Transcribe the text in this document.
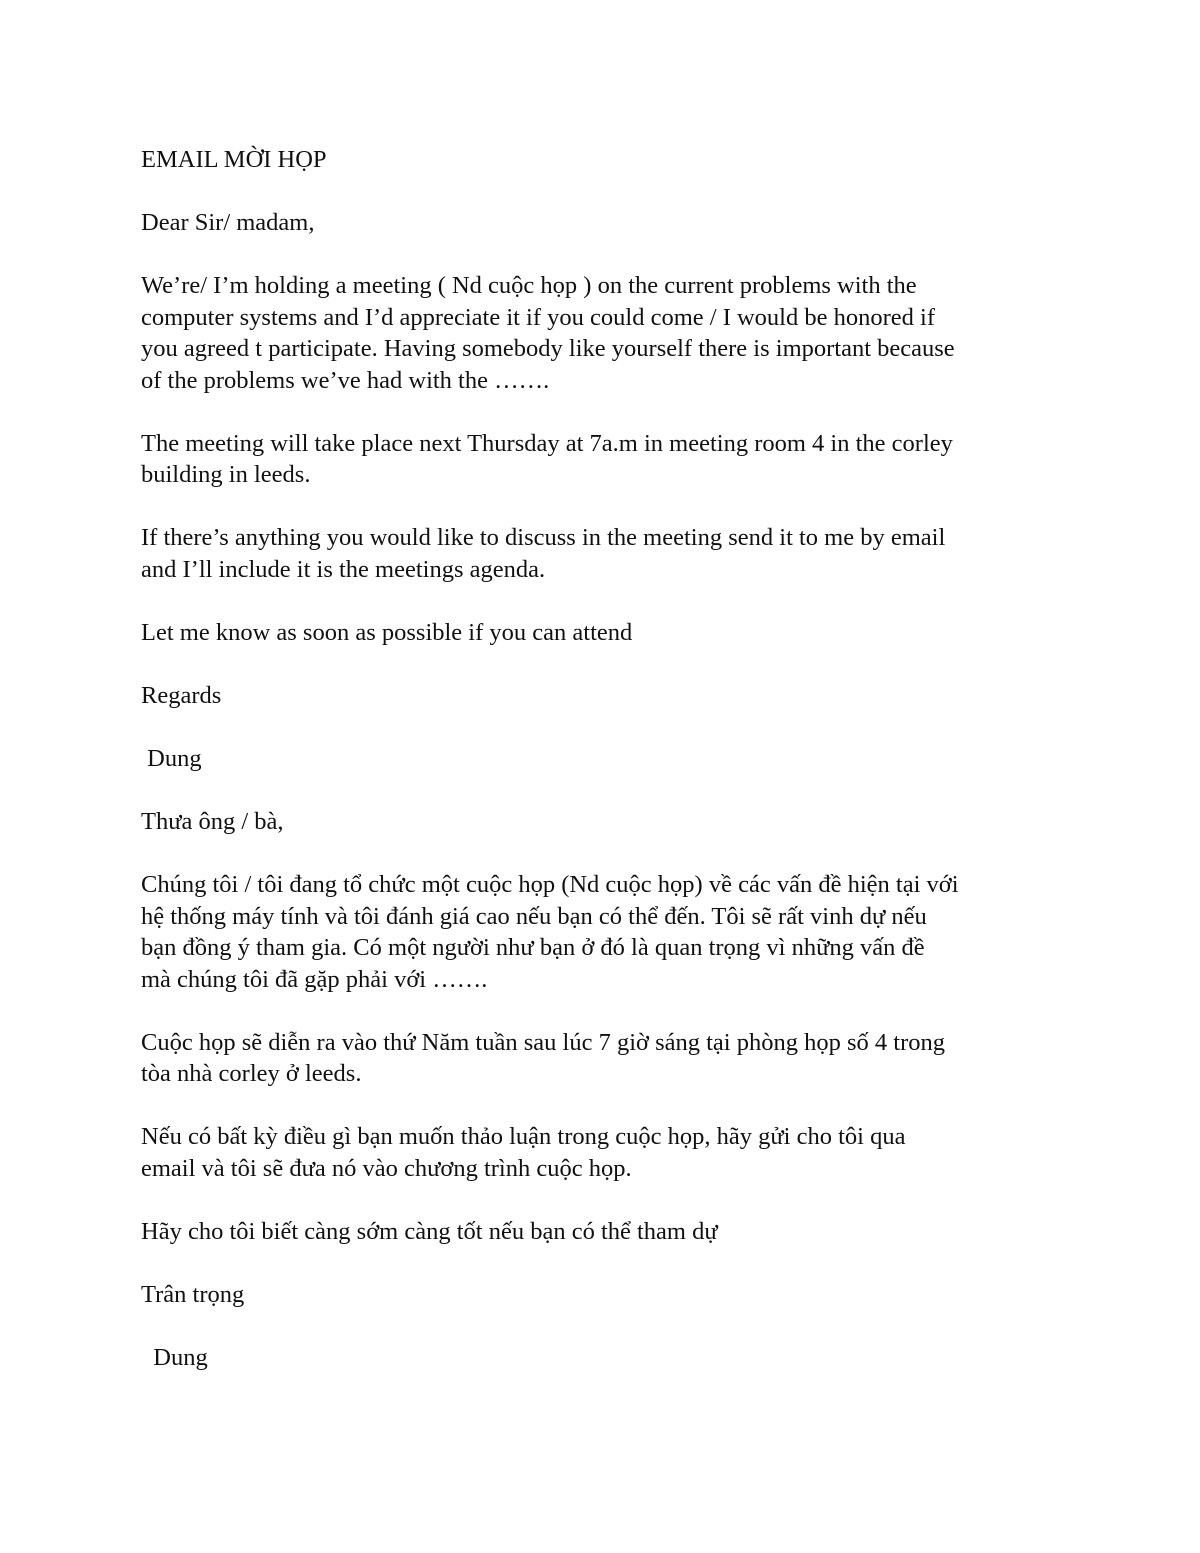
EMAIL MỜI HỌP

Dear Sir/ madam,

We’re/ I’m holding a meeting ( Nd cuộc họp ) on the current problems with the

computer systems and I’d appreciate it if you could come / I would be honored if

you agreed t participate. Having somebody like yourself there is important because

of the problems we’ve had with the …….

The meeting will take place next Thursday at 7a.m in meeting room 4 in the corley

building in leeds.

If there’s anything you would like to discuss in the meeting send it to me by email

and I’ll include it is the meetings agenda.

Let me know as soon as possible if you can attend

Regards

Dung

Thưa ông / bà,

Chúng tôi / tôi đang tổ chức một cuộc họp (Nd cuộc họp) về các vấn đề hiện tại với

hệ thống máy tính và tôi đánh giá cao nếu bạn có thể đến. Tôi sẽ rất vinh dự nếu

bạn đồng ý tham gia. Có một người như bạn ở đó là quan trọng vì những vấn đề

mà chúng tôi đã gặp phải với …….

Cuộc họp sẽ diễn ra vào thứ Năm tuần sau lúc 7 giờ sáng tại phòng họp số 4 trong

tòa nhà corley ở leeds.

Nếu có bất kỳ điều gì bạn muốn thảo luận trong cuộc họp, hãy gửi cho tôi qua

email và tôi sẽ đưa nó vào chương trình cuộc họp.

Hãy cho tôi biết càng sớm càng tốt nếu bạn có thể tham dự

Trân trọng

Dung
